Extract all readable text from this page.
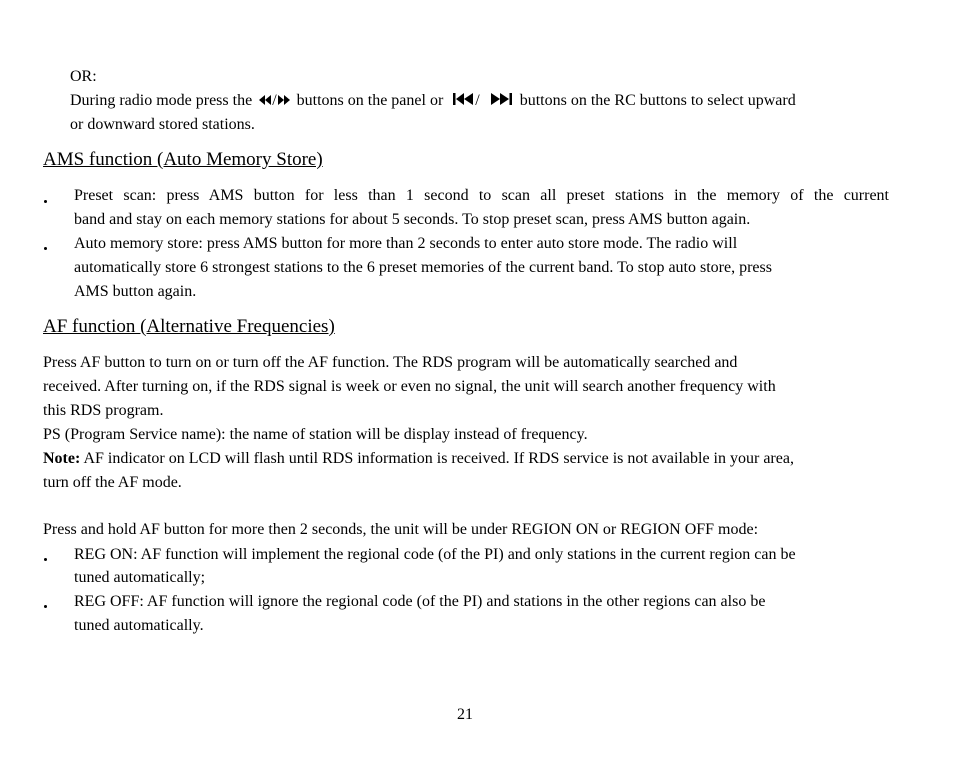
OR:
During radio mode press the / buttons on the panel or /	buttons on the RC buttons to select upward
or downward stored stations.
AMS function (Auto Memory Store)
Preset scan: press AMS button for less than 1 second to scan all preset stations in the memory of the current
band and stay on each memory stations for about 5 seconds. To stop preset scan, press AMS button again.
Auto memory store: press AMS button for more than 2 seconds to enter auto store mode. The radio will
automatically store 6 strongest stations to the 6 preset memories of the current band. To stop auto store, press
AMS button again.
AF function (Alternative Frequencies)
Press AF button to turn on or turn off the AF function. The RDS program will be automatically searched and
received. After turning on, if the RDS signal is week or even no signal, the unit will search another frequency with
this RDS program.
PS (Program Service name): the name of station will be display instead of frequency.
Note: AF indicator on LCD will flash until RDS information is received. If RDS service is not available in your area,
turn off the AF mode.
Press and hold AF button for more then 2 seconds, the unit will be under REGION ON or REGION OFF mode:
REG ON: AF function will implement the regional code (of the PI) and only stations in the current region can be
tuned automatically;
REG OFF: AF function will ignore the regional code (of the PI) and stations in the other regions can also be
tuned automatically.
21
